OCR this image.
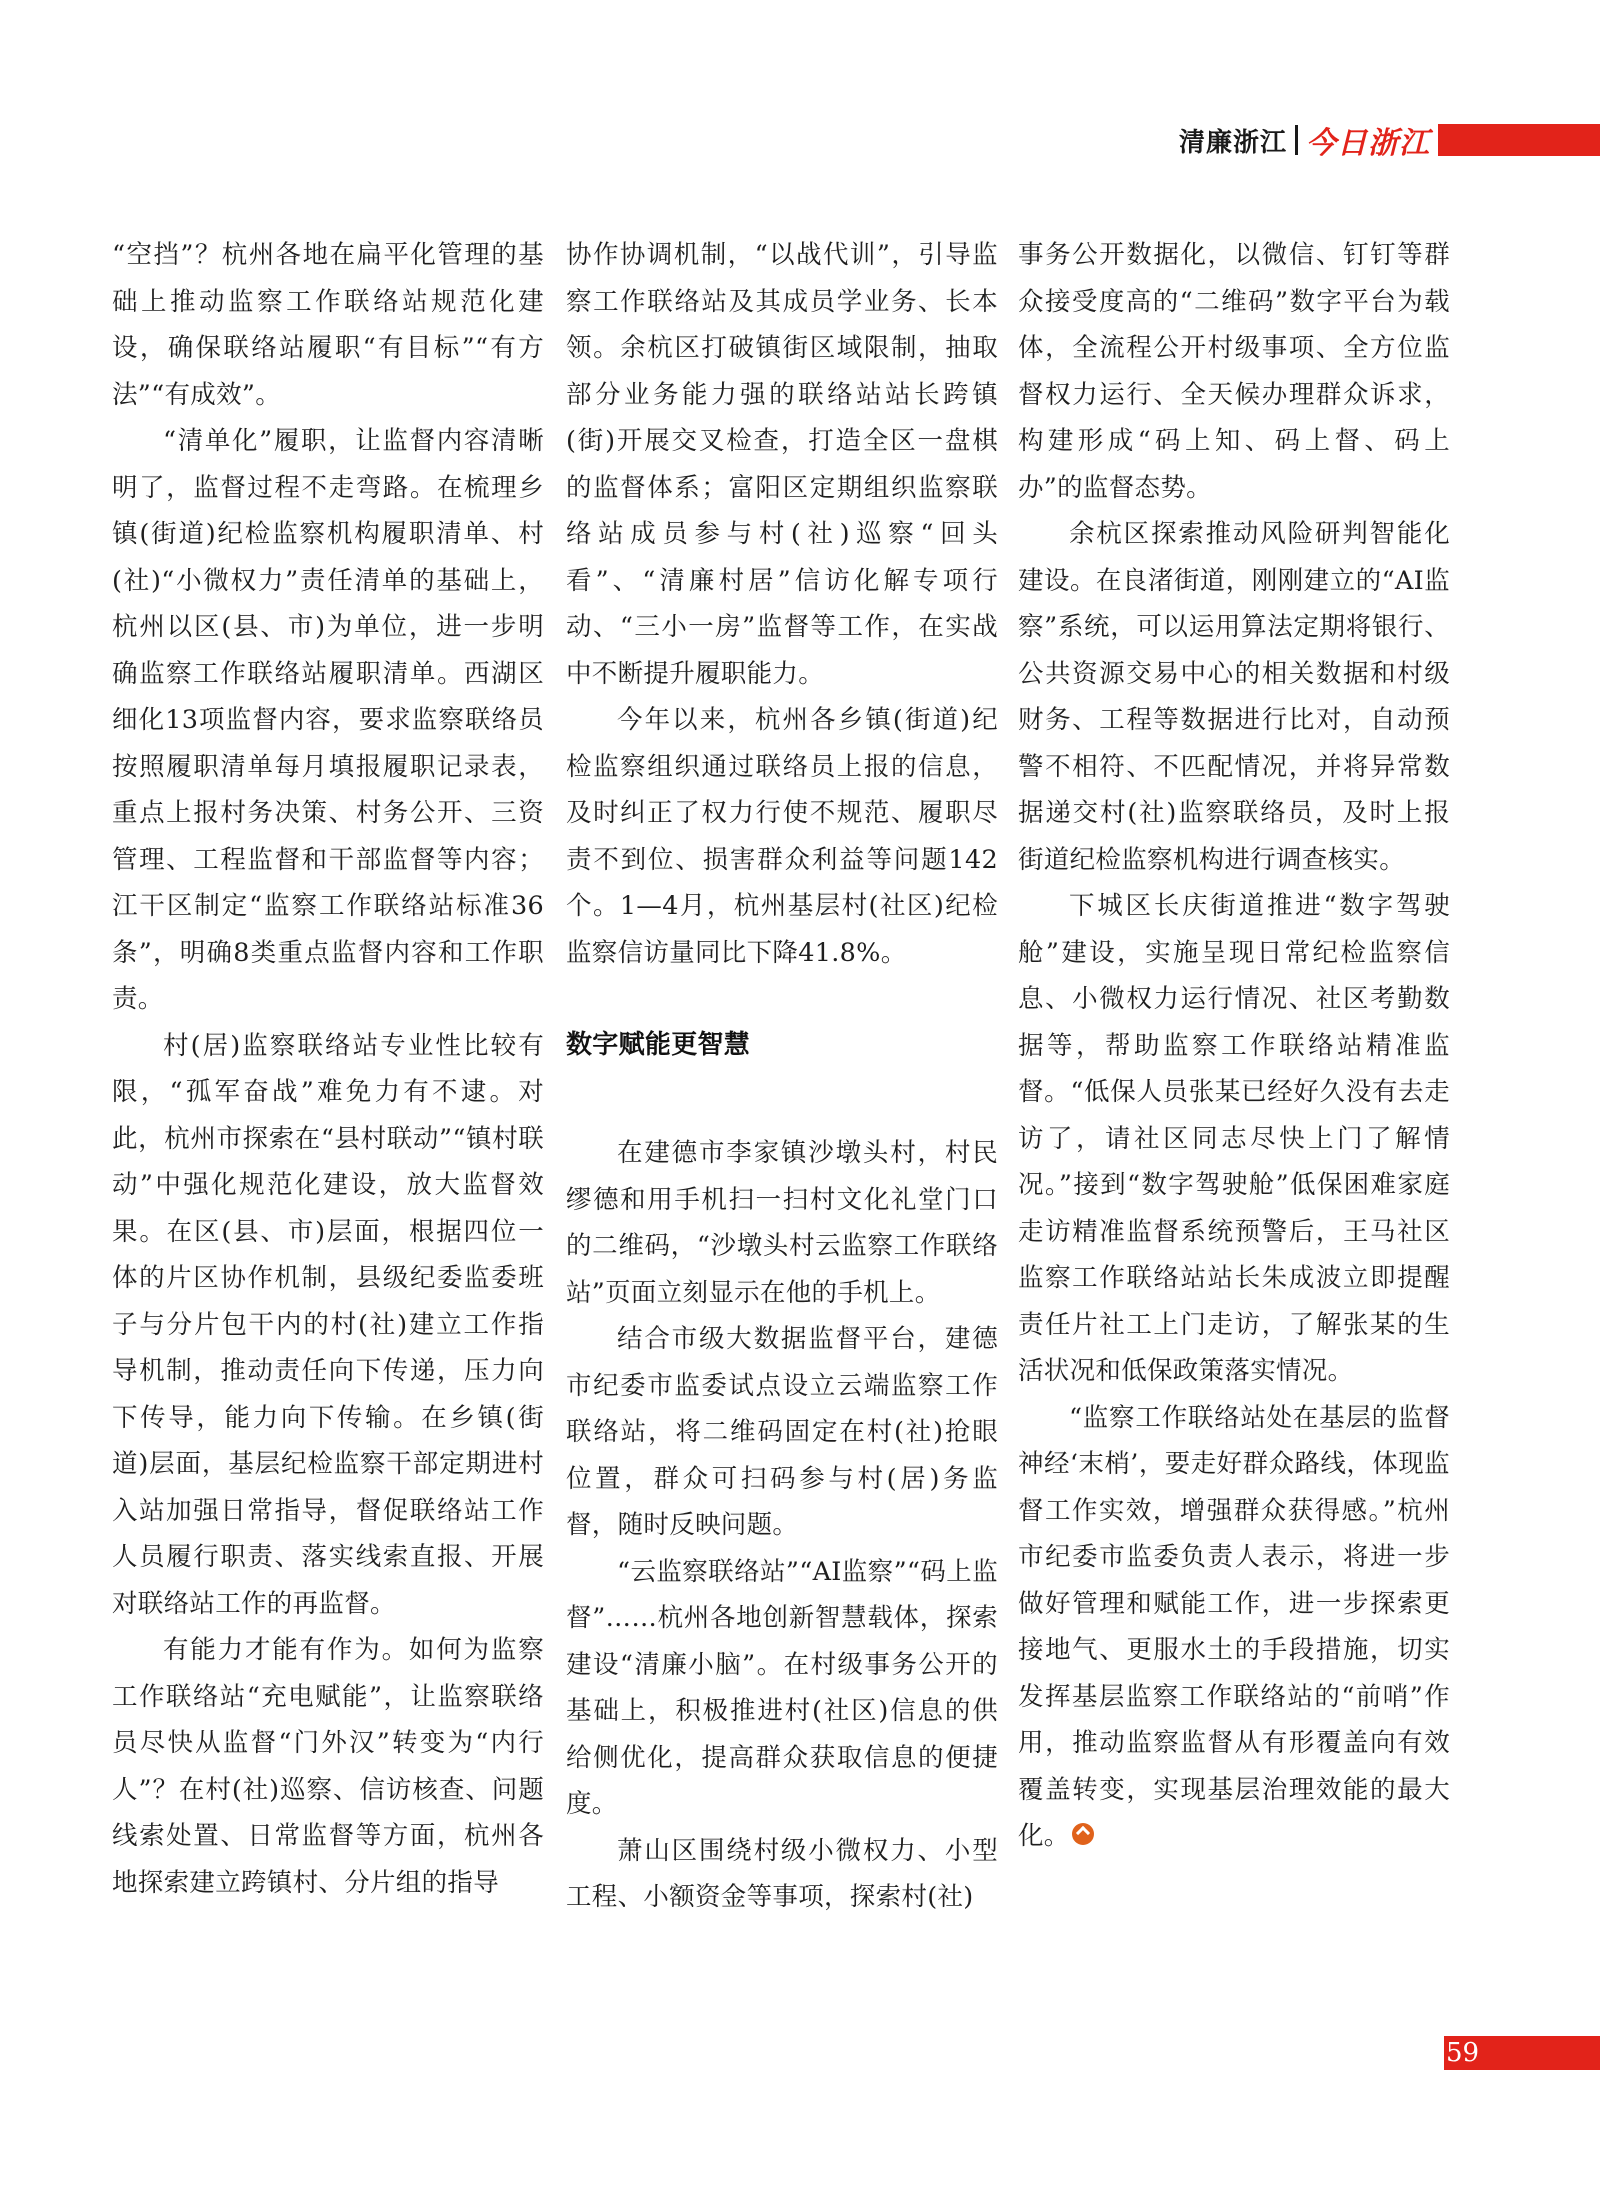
清廉浙江 今日浙江

“空挡”？杭州各地在扁平化管理的基础上推动监察工作联络站规范化建设，确保联络站履职“有目标”“有方法”“有成效”。

“清单化”履职，让监督内容清晰明了，监督过程不走弯路。在梳理乡镇(街道)纪检监察机构履职清单、村(社)“小微权力”责任清单的基础上，杭州以区(县、市)为单位，进一步明确监察工作联络站履职清单。西湖区细化13项监督内容，要求监察联络员按照履职清单每月填报履职记录表，重点上报村务决策、村务公开、三资管理、工程监督和干部监督等内容；江干区制定“监察工作联络站标准36条”，明确8类重点监督内容和工作职责。

村(居)监察联络站专业性比较有限，“孤军奋战”难免力有不逮。对此，杭州市探索在“县村联动”“镇村联动”中强化规范化建设，放大监督效果。在区(县、市)层面，根据四位一体的片区协作机制，县级纪委监委班子与分片包干内的村(社)建立工作指导机制，推动责任向下传递，压力向下传导，能力向下传输。在乡镇(街道)层面，基层纪检监察干部定期进村入站加强日常指导，督促联络站工作人员履行职责、落实线索直报、开展对联络站工作的再监督。

有能力才能有作为。如何为监察工作联络站“充电赋能”，让监察联络员尽快从监督“门外汉”转变为“内行人”？在村(社)巡察、信访核查、问题线索处置、日常监督等方面，杭州各地探索建立跨镇村、分片组的指导

协作协调机制，“以战代训”，引导监察工作联络站及其成员学业务、长本领。余杭区打破镇街区域限制，抽取部分业务能力强的联络站站长跨镇(街)开展交叉检查，打造全区一盘棋的监督体系；富阳区定期组织监察联络站成员参与村(社)巡察“回头看”、“清廉村居”信访化解专项行动、“三小一房”监督等工作，在实战中不断提升履职能力。

今年以来，杭州各乡镇(街道)纪检监察组织通过联络员上报的信息，及时纠正了权力行使不规范、履职尽责不到位、损害群众利益等问题142个。1—4月，杭州基层村(社区)纪检监察信访量同比下降41.8%。

数字赋能更智慧

在建德市李家镇沙墩头村，村民缪德和用手机扫一扫村文化礼堂门口的二维码，“沙墩头村云监察工作联络站”页面立刻显示在他的手机上。

结合市级大数据监督平台，建德市纪委市监委试点设立云端监察工作联络站，将二维码固定在村(社)抢眼位置，群众可扫码参与村(居)务监督，随时反映问题。

“云监察联络站”“AI监察”“码上监督”……杭州各地创新智慧载体，探索建设“清廉小脑”。在村级事务公开的基础上，积极推进村(社区)信息的供给侧优化，提高群众获取信息的便捷度。

萧山区围绕村级小微权力、小型工程、小额资金等事项，探索村(社)

事务公开数据化，以微信、钉钉等群众接受度高的“二维码”数字平台为载体，全流程公开村级事项、全方位监督权力运行、全天候办理群众诉求，构建形成“码上知、码上督、码上办”的监督态势。

余杭区探索推动风险研判智能化建设。在良渚街道，刚刚建立的“AI监察”系统，可以运用算法定期将银行、公共资源交易中心的相关数据和村级财务、工程等数据进行比对，自动预警不相符、不匹配情况，并将异常数据递交村(社)监察联络员，及时上报街道纪检监察机构进行调查核实。

下城区长庆街道推进“数字驾驶舱”建设，实施呈现日常纪检监察信息、小微权力运行情况、社区考勤数据等，帮助监察工作联络站精准监督。“低保人员张某已经好久没有去走访了，请社区同志尽快上门了解情况。”接到“数字驾驶舱”低保困难家庭走访精准监督系统预警后，王马社区监察工作联络站站长朱成波立即提醒责任片社工上门走访，了解张某的生活状况和低保政策落实情况。

“监察工作联络站处在基层的监督神经‘末梢’，要走好群众路线，体现监督工作实效，增强群众获得感。”杭州市纪委市监委负责人表示，将进一步做好管理和赋能工作，进一步探索更接地气、更服水土的手段措施，切实发挥基层监察工作联络站的“前哨”作用，推动监察监督从有形覆盖向有效覆盖转变，实现基层治理效能的最大化。

59
